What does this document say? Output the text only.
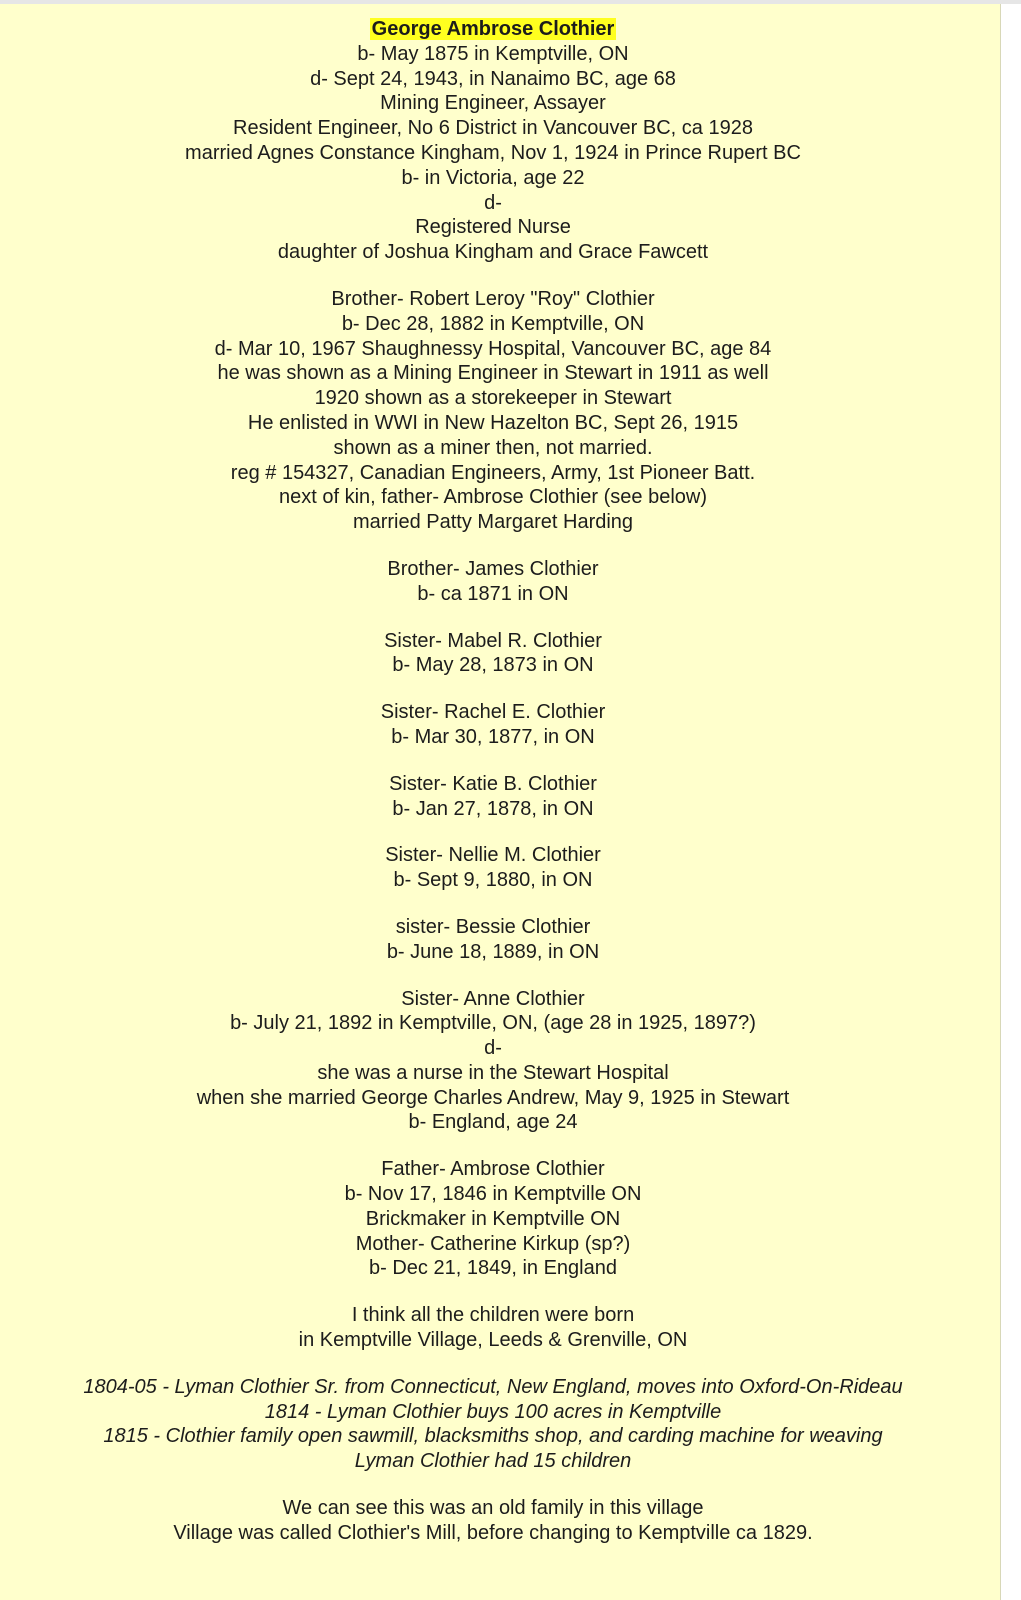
George Ambrose Clothier
b- May 1875 in Kemptville, ON
d- Sept 24, 1943, in Nanaimo BC, age 68
Mining Engineer, Assayer
Resident Engineer, No 6 District in Vancouver BC, ca 1928
married Agnes Constance Kingham, Nov 1, 1924 in Prince Rupert BC
b- in Victoria, age 22
d-
Registered Nurse
daughter of Joshua Kingham and Grace Fawcett
Brother- Robert Leroy "Roy" Clothier
b- Dec 28, 1882 in Kemptville, ON
d- Mar 10, 1967 Shaughnessy Hospital, Vancouver BC, age 84
he was shown as a Mining Engineer in Stewart in 1911 as well
1920 shown as a storekeeper in Stewart
He enlisted in WWI in New Hazelton BC, Sept 26, 1915
shown as a miner then, not married.
reg # 154327, Canadian Engineers, Army, 1st Pioneer Batt.
next of kin, father- Ambrose Clothier (see below)
married Patty Margaret Harding
Brother- James Clothier
b- ca 1871 in ON
Sister- Mabel R. Clothier
b- May 28, 1873 in ON
Sister- Rachel E. Clothier
b- Mar 30, 1877, in ON
Sister- Katie B. Clothier
b- Jan 27, 1878, in ON
Sister- Nellie M. Clothier
b- Sept 9, 1880, in ON
sister- Bessie Clothier
b- June 18, 1889, in ON
Sister- Anne Clothier
b- July 21, 1892 in Kemptville, ON, (age 28 in 1925, 1897?)
d-
she was a nurse in the Stewart Hospital
when she married George Charles Andrew, May 9, 1925 in Stewart
b- England, age 24
Father- Ambrose Clothier
b- Nov 17, 1846 in Kemptville ON
Brickmaker in Kemptville ON
Mother- Catherine Kirkup (sp?)
b- Dec 21, 1849, in England
I think all the children were born
in Kemptville Village, Leeds & Grenville, ON
1804-05 - Lyman Clothier Sr. from Connecticut, New England, moves into Oxford-On-Rideau
1814 - Lyman Clothier buys 100 acres in Kemptville
1815 - Clothier family open sawmill, blacksmiths shop, and carding machine for weaving
Lyman Clothier had 15 children
We can see this was an old family in this village
Village was called Clothier's Mill, before changing to Kemptville ca 1829.
